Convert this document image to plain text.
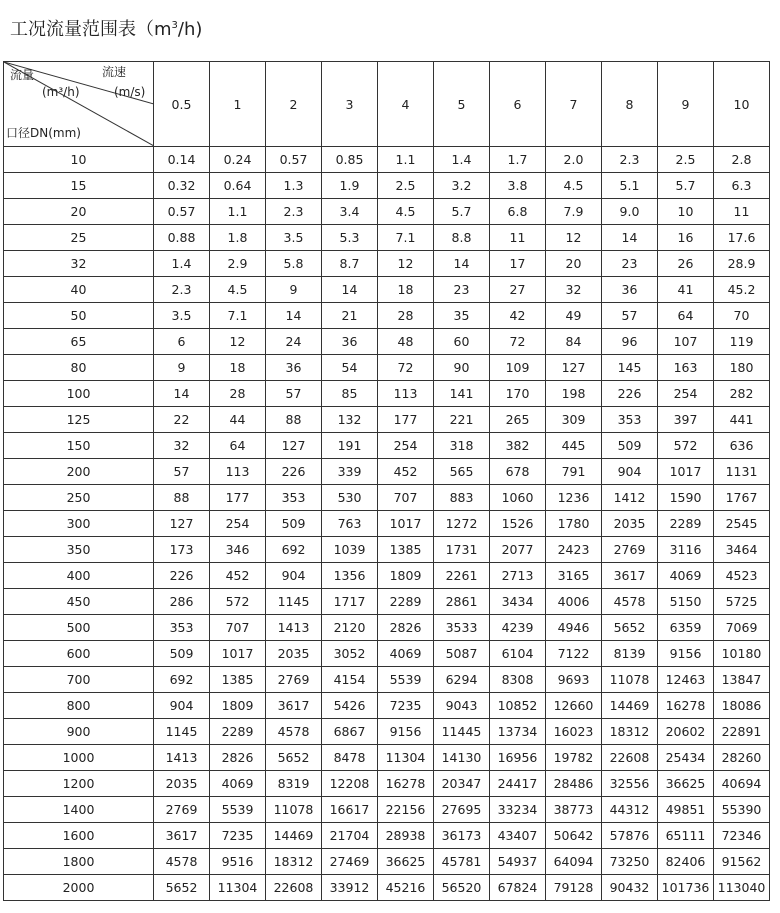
工况流量范围表$(m^3/h)$
流量
(m³/h)
流速
(m/s)
口径DN(mm)	0.5	1	2	3	4	5	6	7	8	9	10
10	0.14	0.24	0.57	0.85	1.1	1.4	1.7	2.0	2.3	2.5	2.8
15	0.32	0.64	1.3	1.9	2.5	3.2	3.8	4.5	5.1	5.7	6.3
20	0.57	1.1	2.3	3.4	4.5	5.7	6.8	7.9	9.0	10	11
25	0.88	1.8	3.5	5.3	7.1	8.8	11	12	14	16	17.6
32	1.4	2.9	5.8	8.7	12	14	17	20	23	26	28.9
40	2.3	4.5	9	14	18	23	27	32	36	41	45.2
50	3.5	7.1	14	21	28	35	42	49	57	64	70
65	6	12	24	36	48	60	72	84	96	107	119
80	9	18	36	54	72	90	109	127	145	163	180
100	14	28	57	85	113	141	170	198	226	254	282
125	22	44	88	132	177	221	265	309	353	397	441
150	32	64	127	191	254	318	382	445	509	572	636
200	57	113	226	339	452	565	678	791	904	1017	1131
250	88	177	353	530	707	883	1060	1236	1412	1590	1767
300	127	254	509	763	1017	1272	1526	1780	2035	2289	2545
350	173	346	692	1039	1385	1731	2077	2423	2769	3116	3464
400	226	452	904	1356	1809	2261	2713	3165	3617	4069	4523
450	286	572	1145	1717	2289	2861	3434	4006	4578	5150	5725
500	353	707	1413	2120	2826	3533	4239	4946	5652	6359	7069
600	509	1017	2035	3052	4069	5087	6104	7122	8139	9156	10180
700	692	1385	2769	4154	5539	6294	8308	9693	11078	12463	13847
800	904	1809	3617	5426	7235	9043	10852	12660	14469	16278	18086
900	1145	2289	4578	6867	9156	11445	13734	16023	18312	20602	22891
1000	1413	2826	5652	8478	11304	14130	16956	19782	22608	25434	28260
1200	2035	4069	8319	12208	16278	20347	24417	28486	32556	36625	40694
1400	2769	5539	11078	16617	22156	27695	33234	38773	44312	49851	55390
1600	3617	7235	14469	21704	28938	36173	43407	50642	57876	65111	72346
1800	4578	9516	18312	27469	36625	45781	54937	64094	73250	82406	91562
2000	5652	11304	22608	33912	45216	56520	67824	79128	90432	101736	113040
